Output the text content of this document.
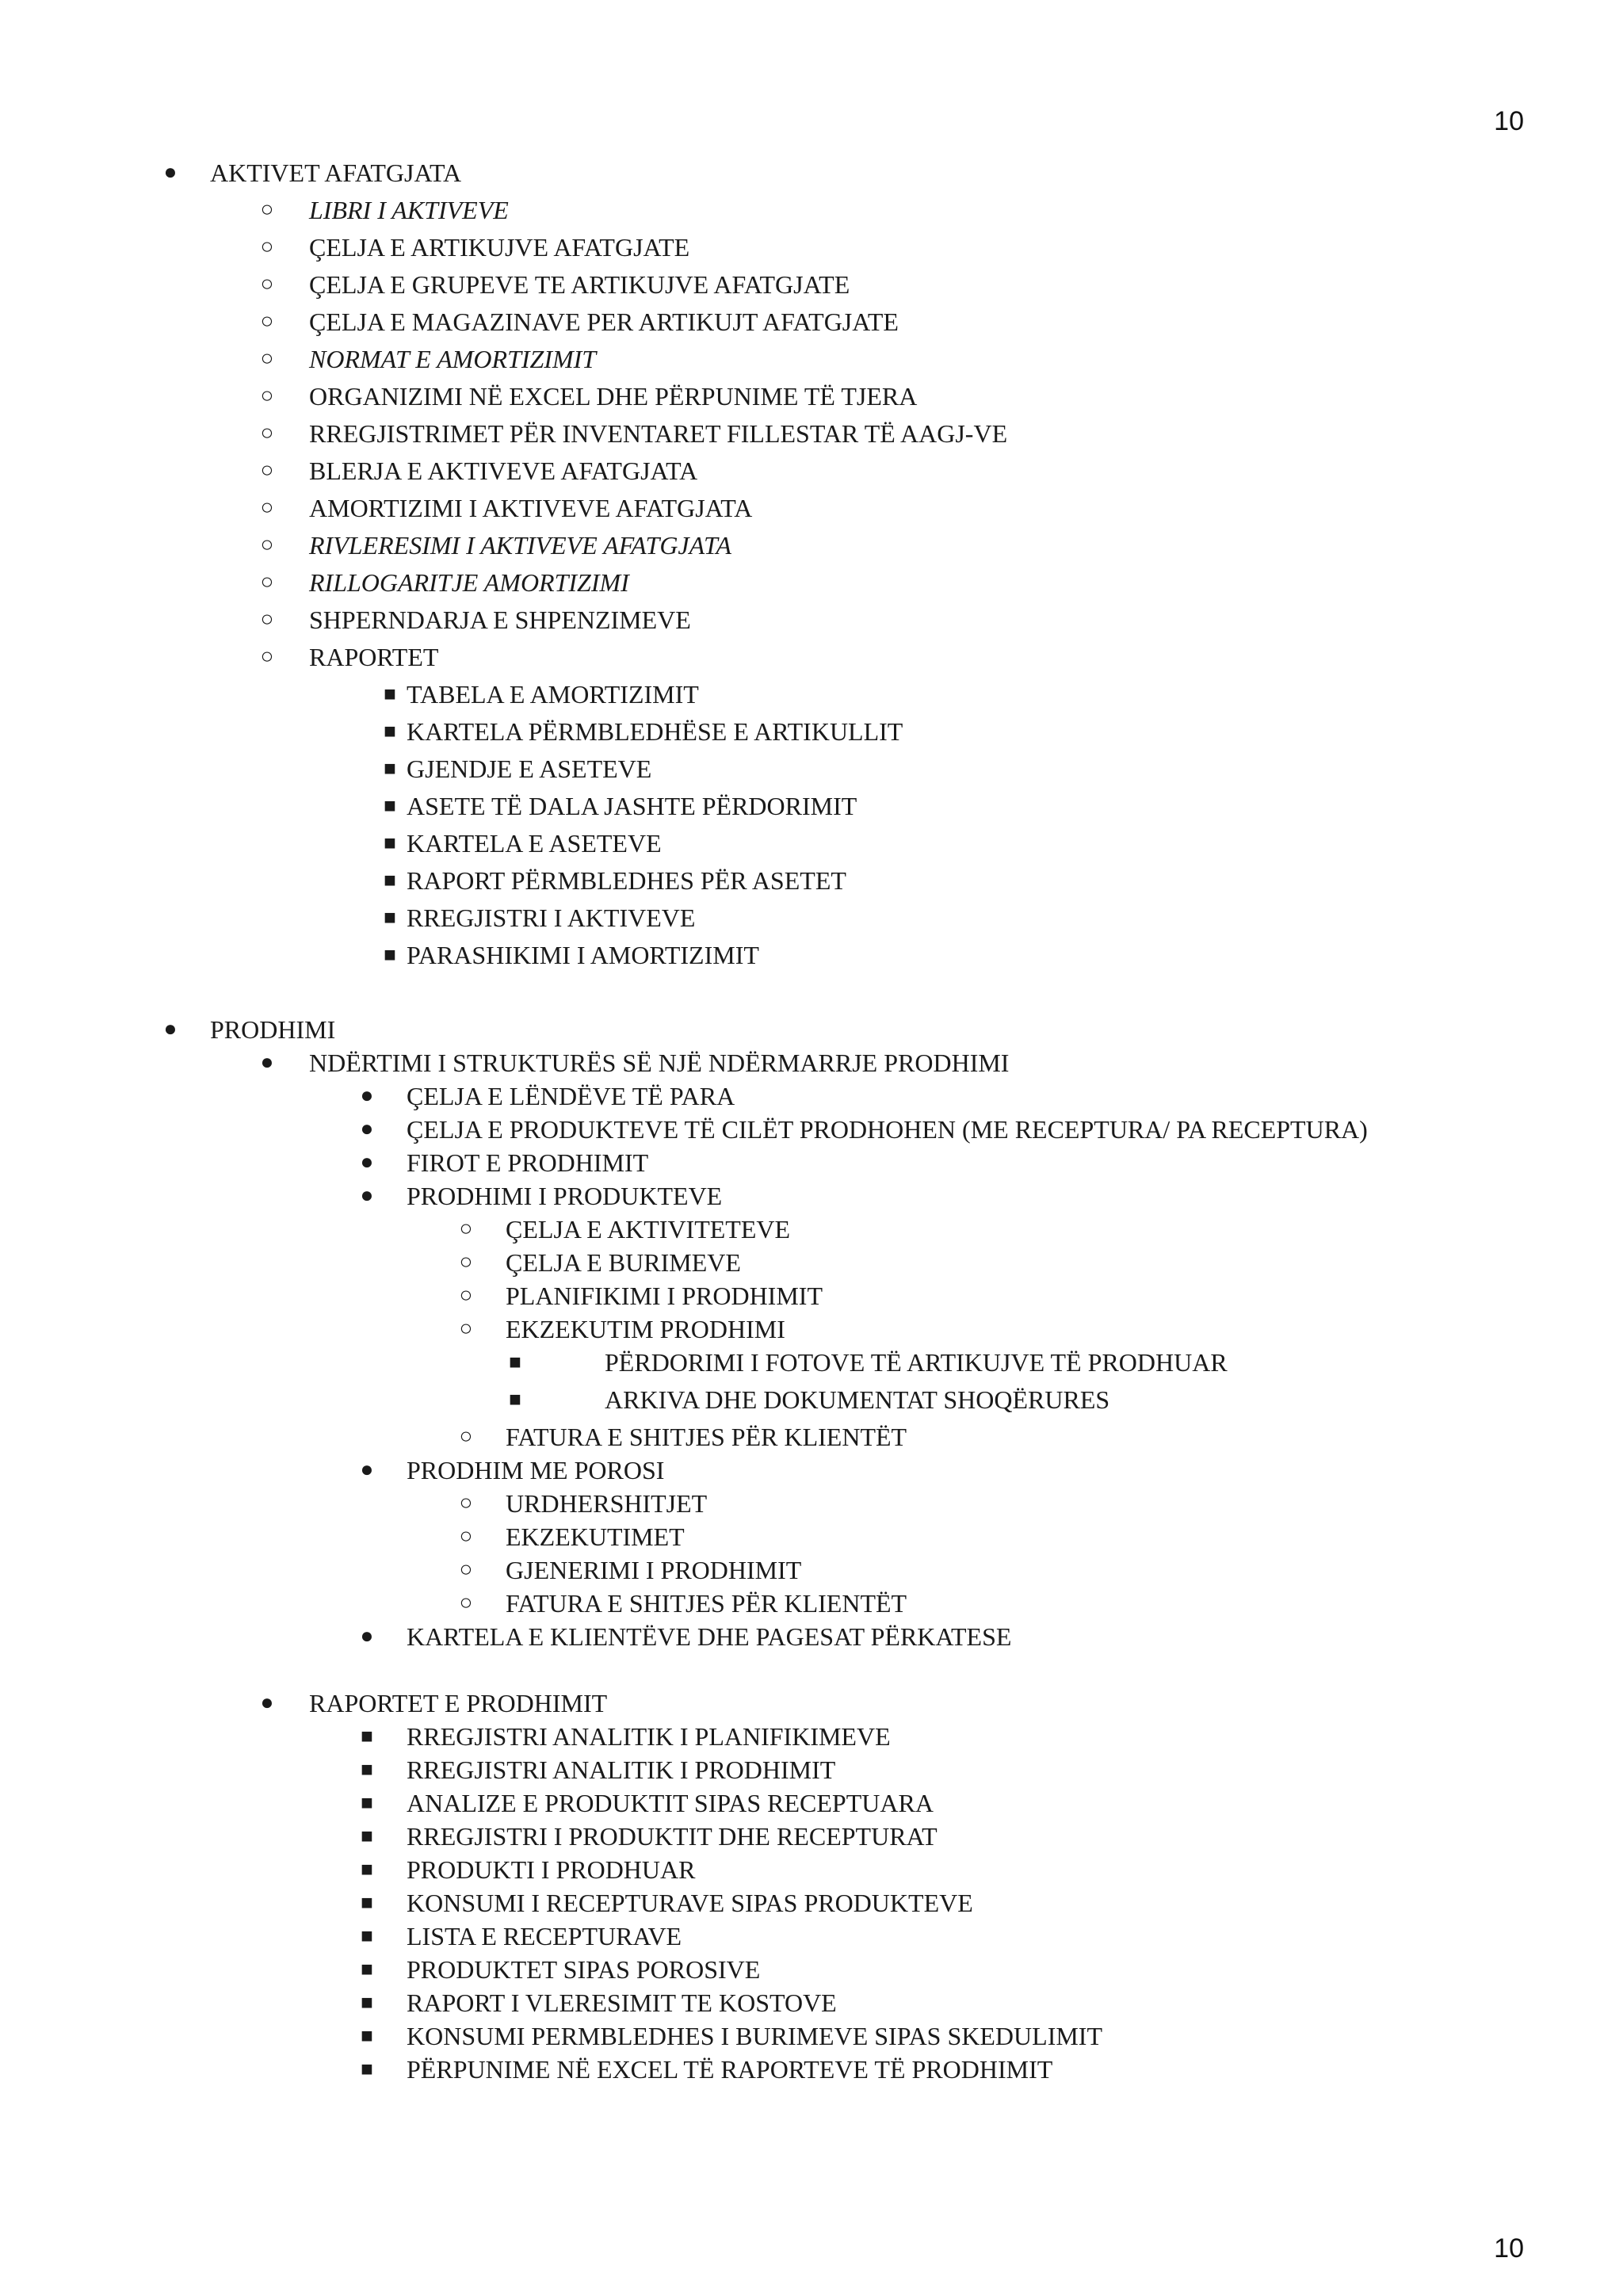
10
● AKTIVET AFATGJATA
○ LIBRI I AKTIVEVE
○ ÇELJA E ARTIKUJVE AFATGJATE
○ ÇELJA E GRUPEVE TE ARTIKUJVE AFATGJATE
○ ÇELJA E MAGAZINAVE PER ARTIKUJT AFATGJATE
○ NORMAT E AMORTIZIMIT
○ ORGANIZIMI NË EXCEL DHE PËRPUNIME TË TJERA
○ RREGJISTRIMET PËR INVENTARET FILLESTAR TË AAGJ-VE
○ BLERJA E AKTIVEVE AFATGJATA
○ AMORTIZIMI I AKTIVEVE AFATGJATA
○ RIVLERESIMI I AKTIVEVE AFATGJATA
○ RILLOGARITJE AMORTIZIMI
○ SHPERNDARJA E SHPENZIMEVE
○ RAPORTET
■ TABELA E AMORTIZIMIT
■ KARTELA PËRMBLEDHËSE E ARTIKULLIT
■ GJENDJE E ASETEVE
■ ASETE TË DALA JASHTE PËRDORIMIT
■ KARTELA E ASETEVE
■ RAPORT PËRMBLEDHES PËR ASETET
■ RREGJISTRI I AKTIVEVE
■ PARASHIKIMI I AMORTIZIMIT
● PRODHIMI
● NDËRTIMI I STRUKTURËS SË NJË NDËRMARRJE PRODHIMI
● ÇELJA E LËNDËVE TË PARA
● ÇELJA E PRODUKTEVE TË CILËT PRODHOHEN (ME RECEPTURA/ PA RECEPTURA)
● FIROT E PRODHIMIT
● PRODHIMI I PRODUKTEVE
○ ÇELJA E AKTIVITETEVE
○ ÇELJA E BURIMEVE
○ PLANIFIKIMI I PRODHIMIT
○ EKZEKUTIM PRODHIMI
■	PËRDORIMI I FOTOVE TË ARTIKUJVE TË PRODHUAR
■	ARKIVA DHE DOKUMENTAT SHOQËRURES
○ FATURA E SHITJES PËR KLIENTËT
● PRODHIM ME POROSI
○ URDHERSHITJET
○ EKZEKUTIMET
○ GJENERIMI I PRODHIMIT
○ FATURA E SHITJES PËR KLIENTËT
● KARTELA E KLIENTËVE DHE PAGESAT PËRKATESE
● RAPORTET E PRODHIMIT
■ RREGJISTRI ANALITIK I PLANIFIKIMEVE
■ RREGJISTRI ANALITIK I PRODHIMIT
■ ANALIZE E PRODUKTIT SIPAS RECEPTUARA
■ RREGJISTRI I PRODUKTIT DHE RECEPTURAT
■ PRODUKTI I PRODHUAR
■ KONSUMI I RECEPTURAVE SIPAS PRODUKTEVE
■ LISTA E RECEPTURAVE
■ PRODUKTET SIPAS POROSIVE
■ RAPORT I VLERESIMIT TE KOSTOVE
■ KONSUMI PERMBLEDHES I BURIMEVE SIPAS SKEDULIMIT
■ PËRPUNIME NË EXCEL TË RAPORTEVE TË PRODHIMIT
10
